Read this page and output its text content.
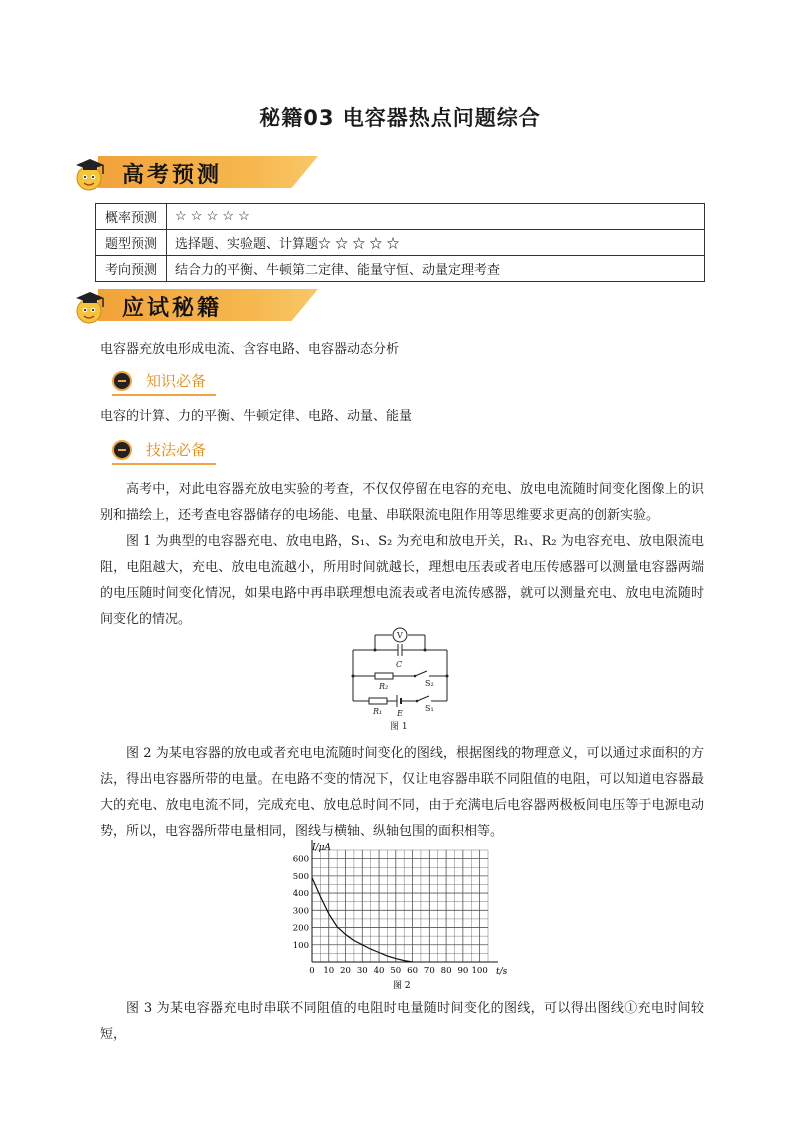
秘籍03 电容器热点问题综合
高考预测
概率预测	☆ ☆ ☆ ☆ ☆
题型预测	选择题、实验题、计算题☆ ☆ ☆ ☆ ☆
考向预测	结合力的平衡、牛顿第二定律、能量守恒、动量定理考查
应试秘籍
电容器充放电形成电流、含容电路、电容器动态分析
知识必备
电容的计算、力的平衡、牛顿定律、电路、动量、能量
技法必备
高考中，对此电容器充放电实验的考查，不仅仅停留在电容的充电、放电电流随时间变化图像上的识别和描绘上，还考查电容器储存的电场能、电量、串联限流电阻作用等思维要求更高的创新实验。
图 1 为典型的电容器充电、放电电路，S₁、S₂ 为充电和放电开关，R₁、R₂ 为电容充电、放电限流电阻，电阻越大，充电、放电电流越小，所用时间就越长，理想电压表或者电压传感器可以测量电容器两端的电压随时间变化情况，如果电路中再串联理想电流表或者电流传感器，就可以测量充电、放电电流随时间变化的情况。
V
C
R₂	S₂
R₁ E
S₁
图 1
图 2 为某电容器的放电或者充电电流随时间变化的图线，根据图线的物理意义，可以通过求面积的方法，得出电容器所带的电量。在电路不变的情况下，仅让电容器串联不同阻值的电阻，可以知道电容器最大的充电、放电电流不同，完成充电、放电总时间不同，由于充满电后电容器两极板间电压等于电源电动势，所以，电容器所带电量相同，图线与横轴、纵轴包围的面积相等。
0 10 20 30 40 50 60 70 80 90 100
100
200
300
400
500
600
I/μA
t/s
图 2
图 3 为某电容器充电时串联不同阻值的电阻时电量随时间变化的图线，可以得出图线①充电时间较短，
